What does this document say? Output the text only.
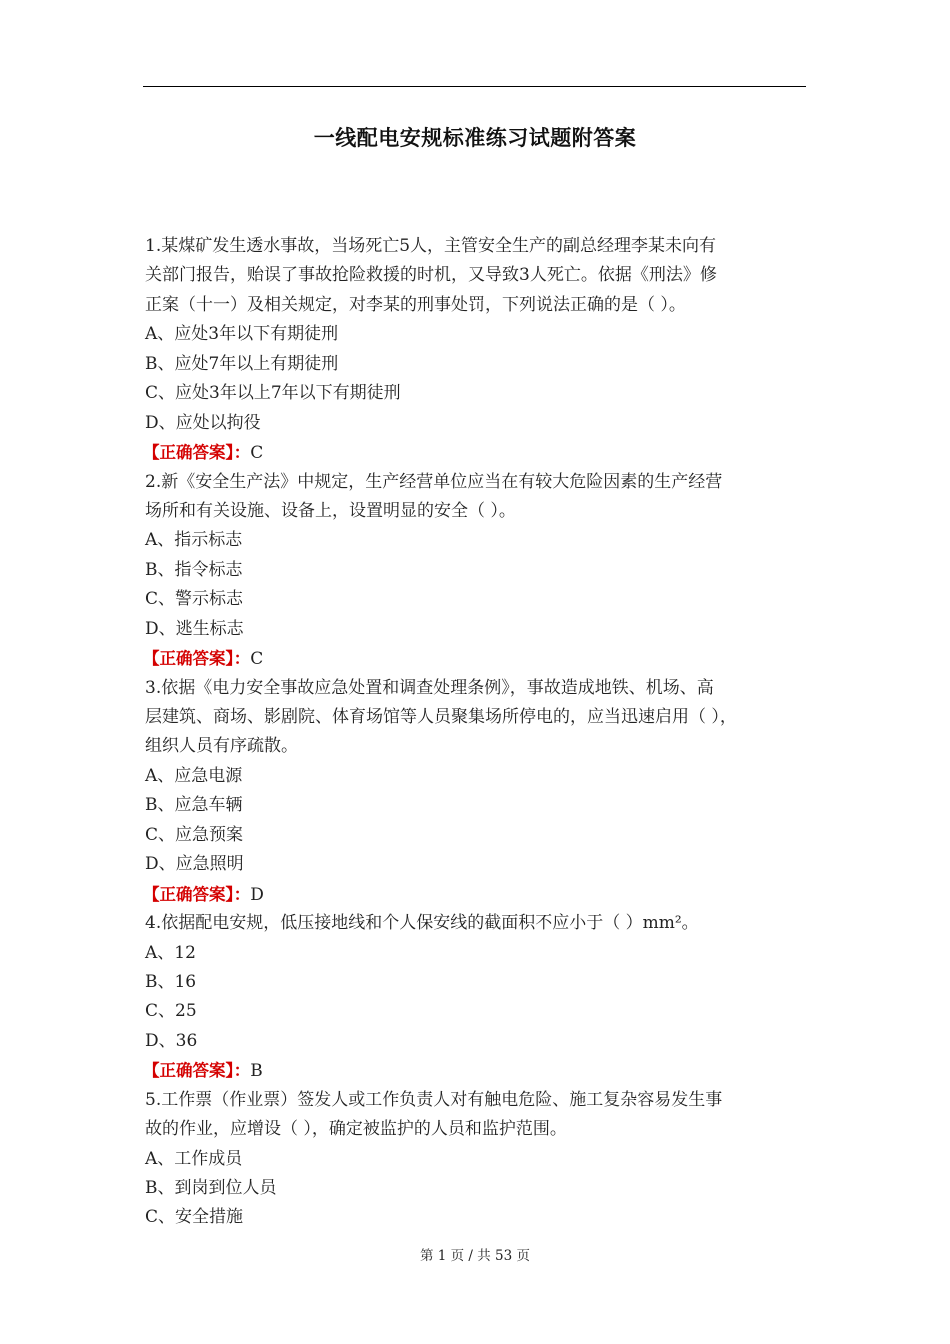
一线配电安规标准练习试题附答案
1.某煤矿发生透水事故，当场死亡5人，主管安全生产的副总经理李某未向有
关部门报告，贻误了事故抢险救援的时机，又导致3人死亡。依据《刑法》修
正案（十一）及相关规定，对李某的刑事处罚，下列说法正确的是（ ）。
A、应处3年以下有期徒刑
B、应处7年以上有期徒刑
C、应处3年以上7年以下有期徒刑
D、应处以拘役
【正确答案】：C
2.新《安全生产法》中规定，生产经营单位应当在有较大危险因素的生产经营
场所和有关设施、设备上，设置明显的安全（ ）。
A、指示标志
B、指令标志
C、警示标志
D、逃生标志
【正确答案】：C
3.依据《电力安全事故应急处置和调查处理条例》，事故造成地铁、机场、高
层建筑、商场、影剧院、体育场馆等人员聚集场所停电的，应当迅速启用（ ），
组织人员有序疏散。
A、应急电源
B、应急车辆
C、应急预案
D、应急照明
【正确答案】：D
4.依据配电安规，低压接地线和个人保安线的截面积不应小于（ ）mm²。
A、12
B、16
C、25
D、36
【正确答案】：B
5.工作票（作业票）签发人或工作负责人对有触电危险、施工复杂容易发生事
故的作业，应增设（ ），确定被监护的人员和监护范围。
A、工作成员
B、到岗到位人员
C、安全措施
第 1 页 / 共 53 页
